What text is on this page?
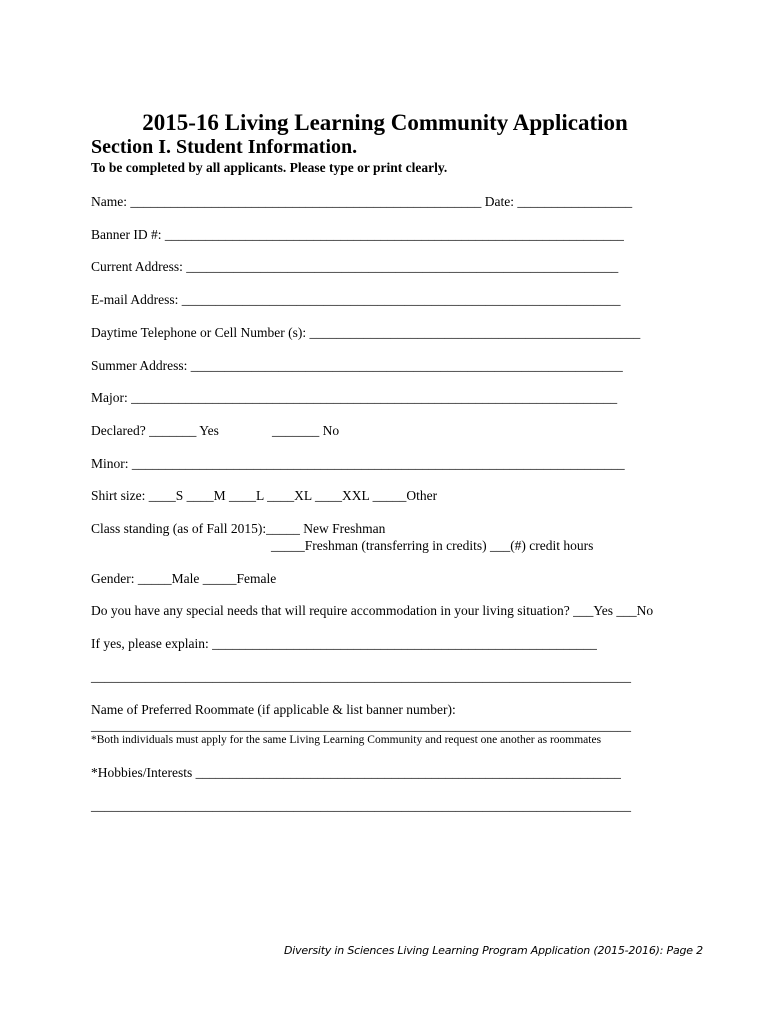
2015-16 Living Learning Community Application
Section I. Student Information.
To be completed by all applicants. Please type or print clearly.
Name: ____________________________________________________ Date: _________________
Banner ID #: ____________________________________________________________________
Current Address: ________________________________________________________________
E-mail Address: _________________________________________________________________
Daytime Telephone or Cell Number (s): _________________________________________________
Summer Address: ________________________________________________________________
Major: ________________________________________________________________________
Declared? _______ Yes	_______ No
Minor: _________________________________________________________________________
Shirt size: ____S ____M ____L ____XL ____XXL _____Other
Class standing (as of Fall 2015):_____ New Freshman
_____Freshman (transferring in credits) ___(#) credit hours
Gender: _____Male _____Female
Do you have any special needs that will require accommodation in your living situation? ___Yes ___No
If yes, please explain: _________________________________________________________
________________________________________________________________________________
Name of Preferred Roommate (if applicable & list banner number):
________________________________________________________________________________
*Both individuals must apply for the same Living Learning Community and request one another as roommates
*Hobbies/Interests _______________________________________________________________
________________________________________________________________________________
Diversity in Sciences Living Learning Program Application (2015-2016): Page 2
